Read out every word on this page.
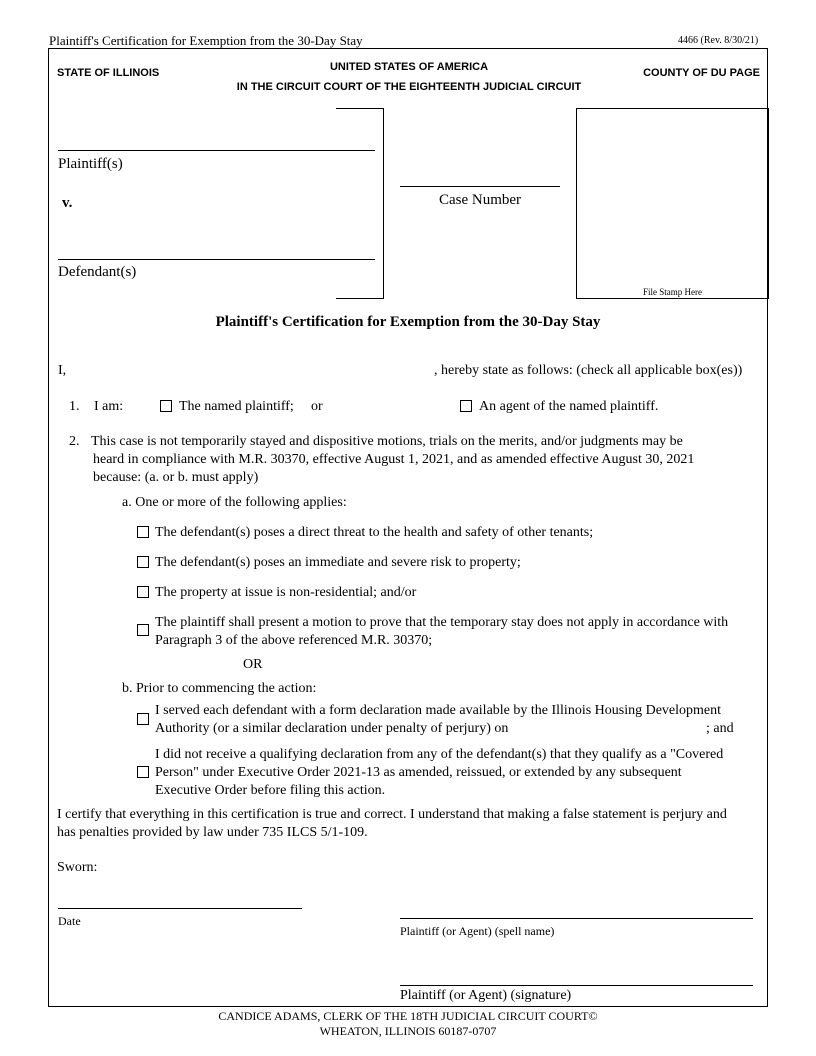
Plaintiff's Certification for Exemption from the 30-Day Stay	4466 (Rev. 8/30/21)
STATE OF ILLINOIS	UNITED STATES OF AMERICA
IN THE CIRCUIT COURT OF THE EIGHTEENTH JUDICIAL CIRCUIT
COUNTY OF DU PAGE
Plaintiff(s)
v.
Defendant(s)
Case Number
File Stamp Here
Plaintiff's Certification for Exemption from the 30-Day Stay
I,	, hereby state as follows: (check all applicable box(es))
1. I am:	The named plaintiff; or	An agent of the named plaintiff.
2. This case is not temporarily stayed and dispositive motions, trials on the merits, and/or judgments may be
heard in compliance with M.R. 30370, effective August 1, 2021, and as amended effective August 30, 2021
because: (a. or b. must apply)
a. One or more of the following applies:
The defendant(s) poses a direct threat to the health and safety of other tenants;
The defendant(s) poses an immediate and severe risk to property;
The property at issue is non-residential; and/or
The plaintiff shall present a motion to prove that the temporary stay does not apply in accordance with
Paragraph 3 of the above referenced M.R. 30370;
OR
b. Prior to commencing the action:
I served each defendant with a form declaration made available by the Illinois Housing Development
Authority (or a similar declaration under penalty of perjury) on	; and
I did not receive a qualifying declaration from any of the defendant(s) that they qualify as a "Covered
Person" under Executive Order 2021-13 as amended, reissued, or extended by any subsequent
Executive Order before filing this action.
I certify that everything in this certification is true and correct. I understand that making a false statement is perjury and
has penalties provided by law under 735 ILCS 5/1-109.
Sworn:
Date
Plaintiff (or Agent) (spell name)
Plaintiff (or Agent) (signature)
CANDICE ADAMS, CLERK OF THE 18TH JUDICIAL CIRCUIT COURT©
WHEATON, ILLINOIS 60187-0707
